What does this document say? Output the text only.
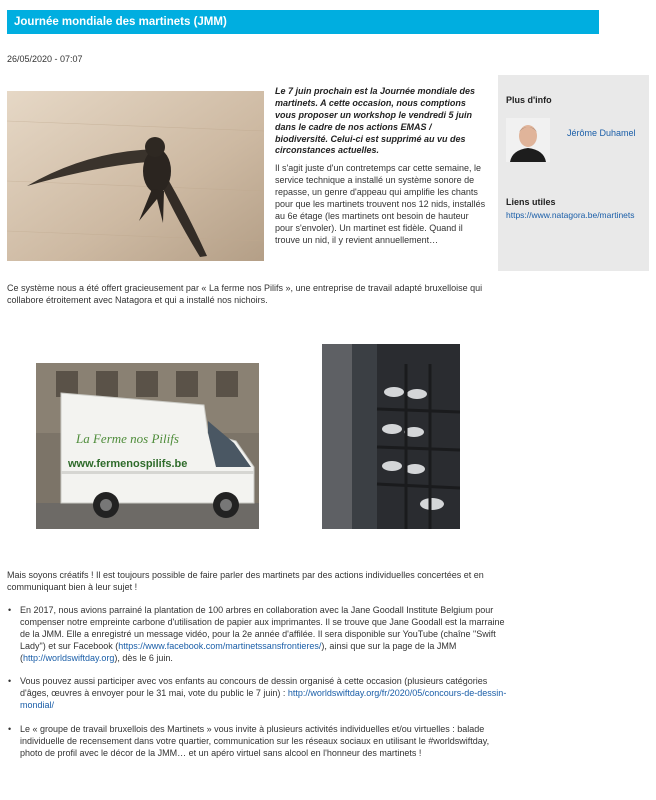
Journée mondiale des martinets (JMM)
26/05/2020 - 07:07

Le 7 juin prochain est la Journée mondiale des martinets. A cette occasion, nous comptions vous proposer un workshop le vendredi 5 juin dans le cadre de nos actions EMAS / biodiversité. Celui-ci est supprimé au vu des circonstances actuelles.

Il s'agit juste d'un contretemps car cette semaine, le service technique a installé un système sonore de repasse, un genre d'appeau qui amplifie les chants pour que les martinets trouvent nos 12 nids, installés au 6e étage (les martinets ont besoin de hauteur pour s'envoler). Un martinet est fidèle. Quand il trouve un nid, il y revient annuellement…

Plus d'info
Jérôme Duhamel
Liens utiles
https://www.natagora.be/martinets

Ce système nous a été offert gracieusement par « La ferme nos Pilifs », une entreprise de travail adapté bruxelloise qui collabore étroitement avec Natagora et qui a installé nos nichoirs.

La Ferme nos Pilifs
www.fermenospilifs.be

Mais soyons créatifs ! Il est toujours possible de faire parler des martinets par des actions individuelles concertées et en communiquant bien à leur sujet !

• En 2017, nous avions parrainé la plantation de 100 arbres en collaboration avec la Jane Goodall Institute Belgium pour compenser notre empreinte carbone d'utilisation de papier aux imprimantes. Il se trouve que Jane Goodall est la marraine de la JMM. Elle a enregistré un message vidéo, pour la 2e année d'affilée. Il sera disponible sur YouTube (chaîne "Swift Lady") et sur Facebook (https://www.facebook.com/martinetssansfrontieres/), ainsi que sur la page de la JMM (http://worldswiftday.org), dès le 6 juin.
• Vous pouvez aussi participer avec vos enfants au concours de dessin organisé à cette occasion (plusieurs catégories d'âges, œuvres à envoyer pour le 31 mai, vote du public le 7 juin) : http://worldswiftday.org/fr/2020/05/concours-de-dessin-mondial/
• Le « groupe de travail bruxellois des Martinets » vous invite à plusieurs activités individuelles et/ou virtuelles : balade individuelle de recensement dans votre quartier, communication sur les réseaux sociaux en utilisant le #worldswiftday, photo de profil avec le décor de la JMM… et un apéro virtuel sans alcool en l'honneur des martinets !
